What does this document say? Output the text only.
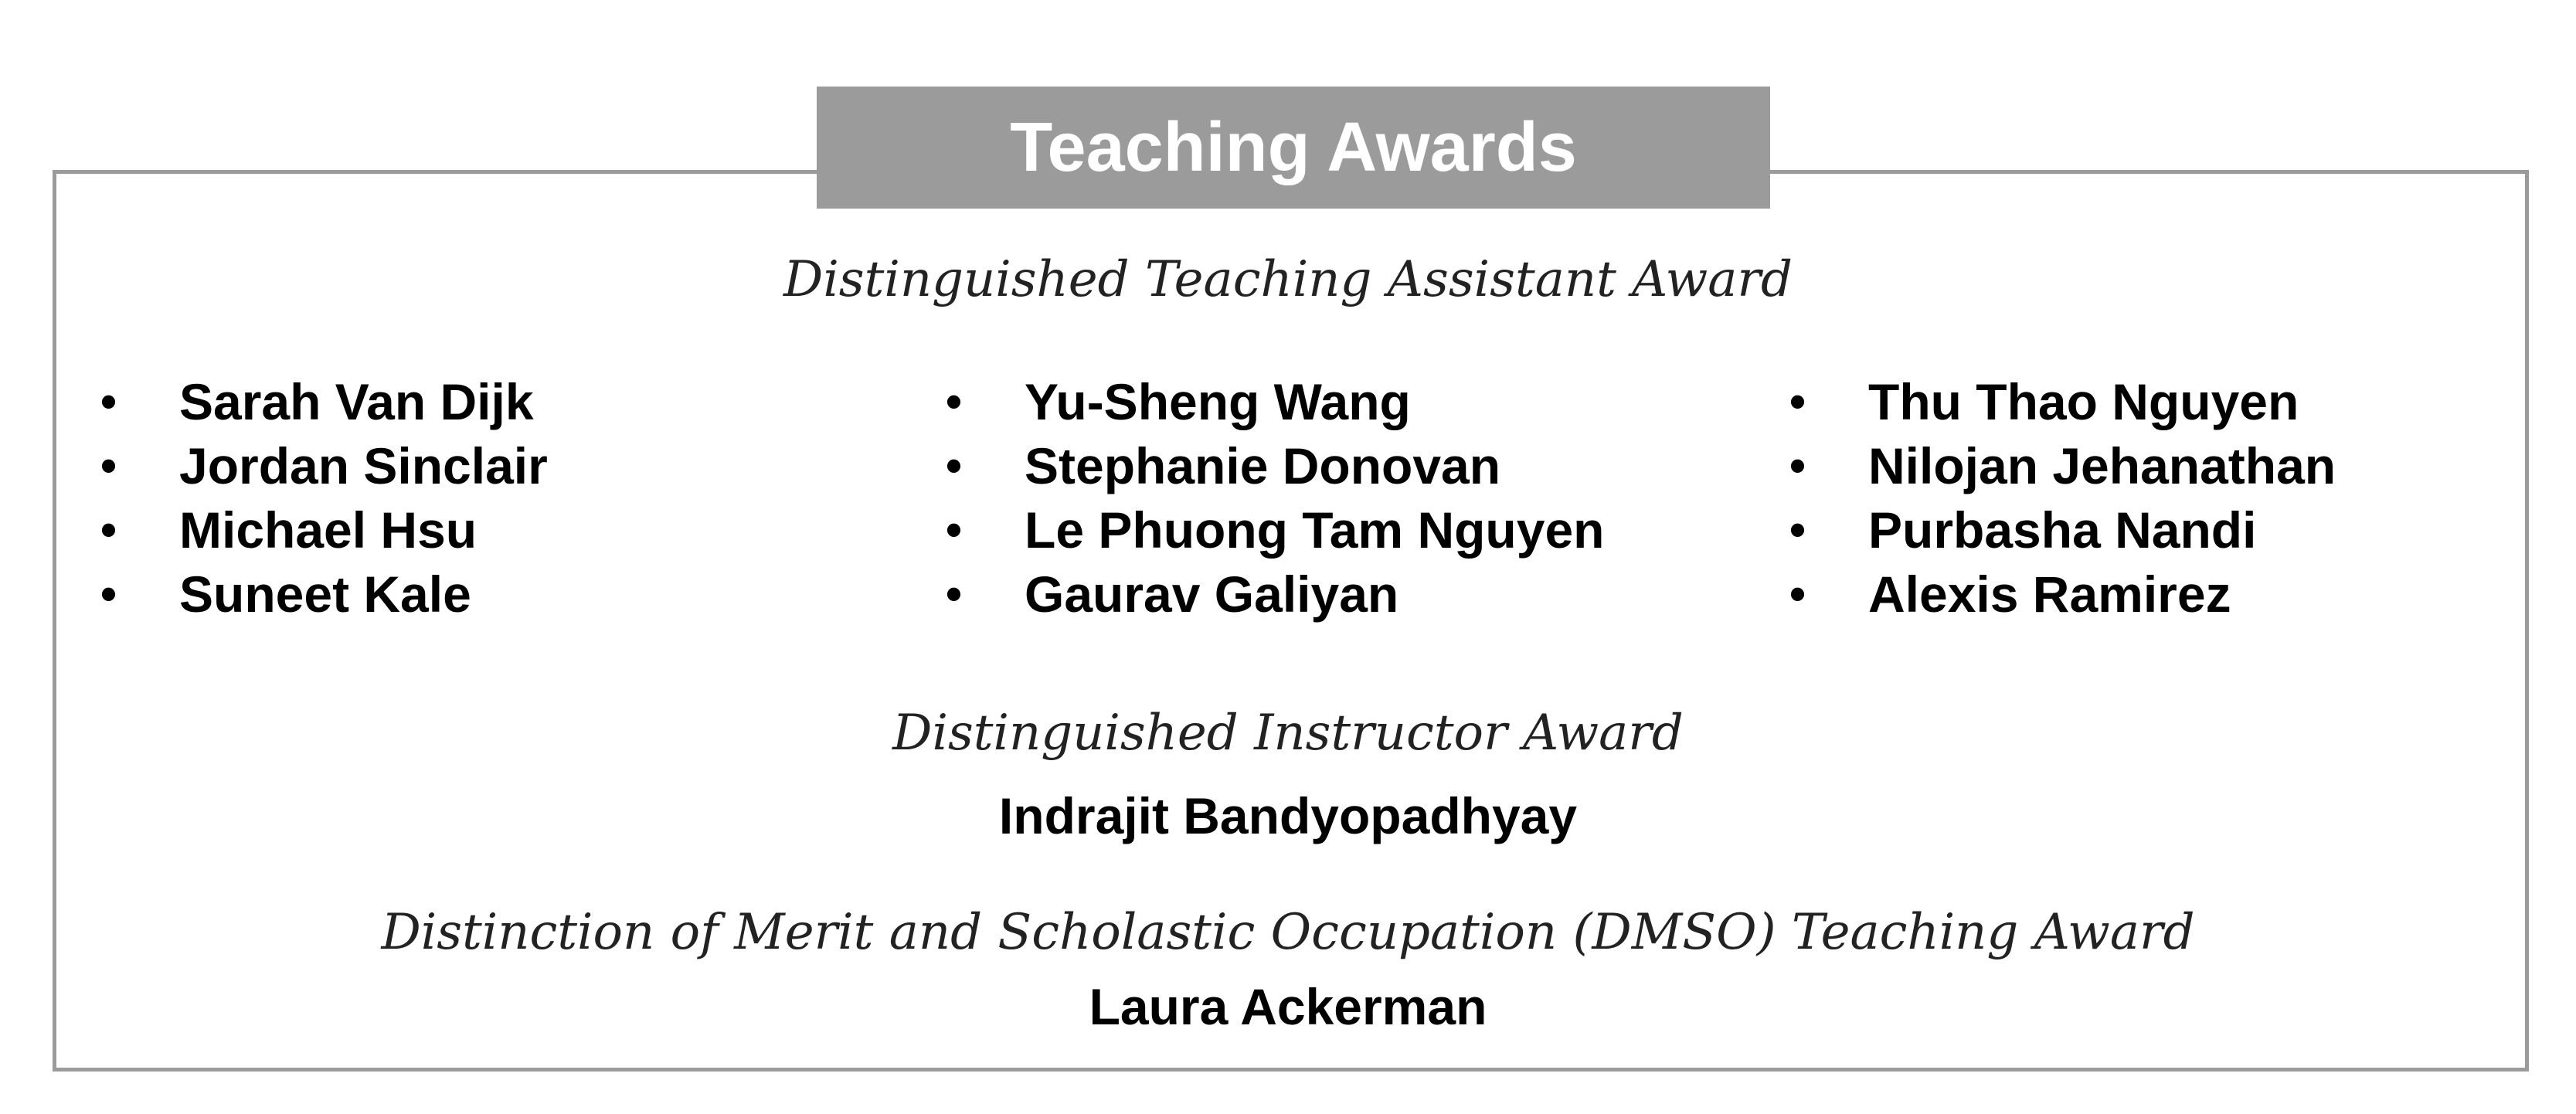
Teaching Awards
Distinguished Teaching Assistant Award
•	Sarah Van Dijk
•	Jordan Sinclair
•	Michael Hsu
•	Suneet Kale
•	Yu-Sheng Wang
•	Stephanie Donovan
•	Le Phuong Tam Nguyen
•	Gaurav Galiyan
•	Thu Thao Nguyen
•	Nilojan Jehanathan
•	Purbasha Nandi
•	Alexis Ramirez
Distinguished Instructor Award
Indrajit Bandyopadhyay
Distinction of Merit and Scholastic Occupation (DMSO) Teaching Award
Laura Ackerman
